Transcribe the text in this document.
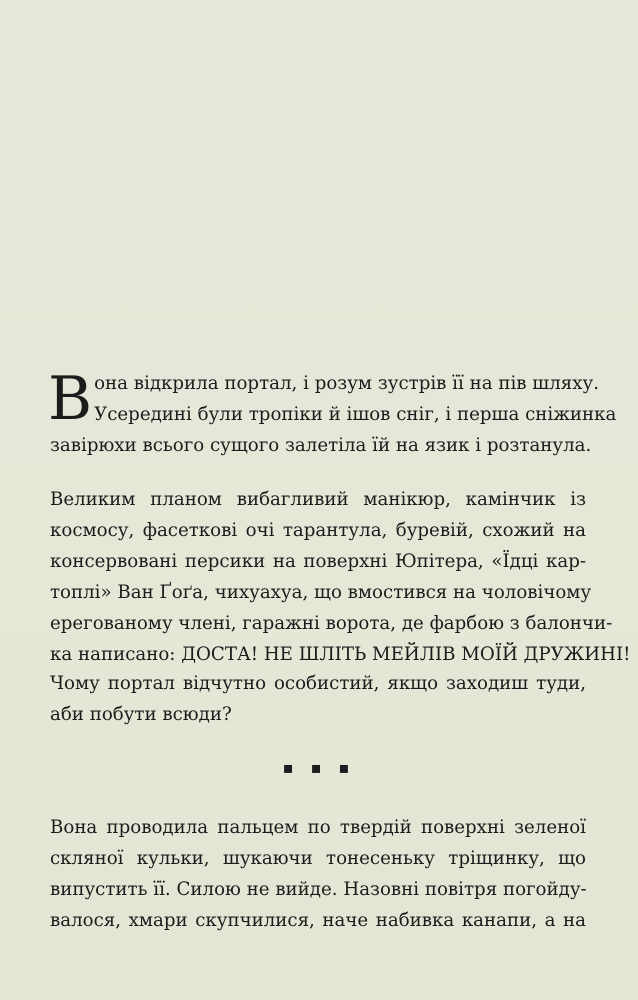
В она відкрила портал, і розум зустрів її на пів шляху.
Усередині були тропіки й ішов сніг, і перша сніжинка
завірюхи всього сущого залетіла їй на язик і розтанула.
Великим планом вибагливий манікюр, камінчик із
космосу, фасеткові очі тарантула, буревій, схожий на
консервовані персики на поверхні Юпітера, «Їдці кар-
топлі» Ван Ґоґа, чихуахуа, що вмостився на чоловічому
ерегованому члені, гаражні ворота, де фарбою з балончи-
ка написано: ДОСТА! НЕ ШЛІТЬ МЕЙЛІВ МОЇЙ ДРУЖИНІ!
Чому портал відчутно особистий, якщо заходиш туди,
аби побути всюди?
▪ ▪ ▪
Вона проводила пальцем по твердій поверхні зеленої
скляної кульки, шукаючи тонесеньку тріщинку, що
випустить її. Силою не вийде. Назовні повітря погойду-
валося, хмари скупчилися, наче набивка канапи, а на
